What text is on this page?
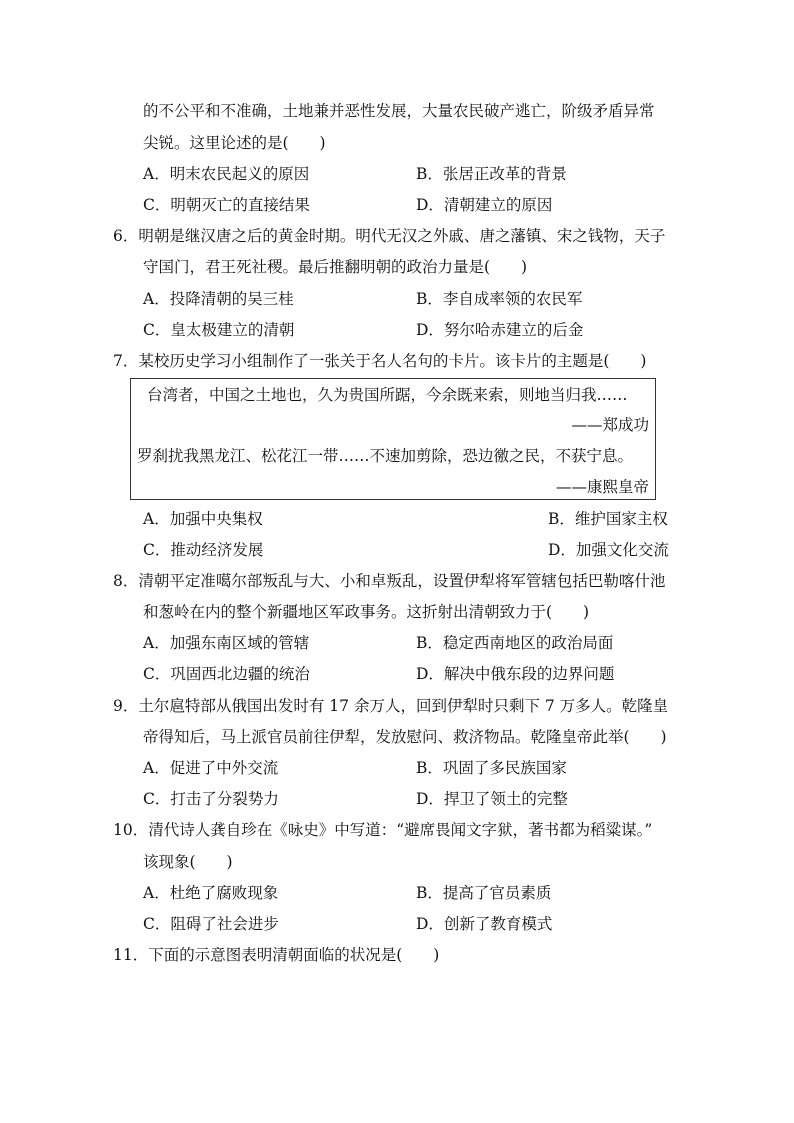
的不公平和不准确，土地兼并恶性发展，大量农民破产逃亡，阶级矛盾异常
尖锐。这里论述的是(　　)
A．明末农民起义的原因	B．张居正改革的背景
C．明朝灭亡的直接结果	D．清朝建立的原因
6．明朝是继汉唐之后的黄金时期。明代无汉之外戚、唐之藩镇、宋之钱物，天子
守国门，君王死社稷。最后推翻明朝的政治力量是(　　)
A．投降清朝的吴三桂	B．李自成率领的农民军
C．皇太极建立的清朝	D．努尔哈赤建立的后金
7．某校历史学习小组制作了一张关于名人名句的卡片。该卡片的主题是(　　)
台湾者，中国之土地也，久为贵国所踞，今余既来索，则地当归我……
——郑成功
罗刹扰我黑龙江、松花江一带……不速加剪除，恐边徼之民，不获宁息。
——康熙皇帝
A．加强中央集权	B．维护国家主权
C．推动经济发展	D．加强文化交流
8．清朝平定准噶尔部叛乱与大、小和卓叛乱，设置伊犁将军管辖包括巴勒喀什池
和葱岭在内的整个新疆地区军政事务。这折射出清朝致力于(　　)
A．加强东南区域的管辖	B．稳定西南地区的政治局面
C．巩固西北边疆的统治	D．解决中俄东段的边界问题
9．土尔扈特部从俄国出发时有 17 余万人，回到伊犁时只剩下 7 万多人。乾隆皇
帝得知后，马上派官员前往伊犁，发放慰问、救济物品。乾隆皇帝此举(　　)
A．促进了中外交流	B．巩固了多民族国家
C．打击了分裂势力	D．捍卫了领土的完整
10．清代诗人龚自珍在《咏史》中写道：“避席畏闻文字狱，著书都为稻粱谋。”
该现象(　　)
A．杜绝了腐败现象	B．提高了官员素质
C．阻碍了社会进步	D．创新了教育模式
11．下面的示意图表明清朝面临的状况是(　　)
